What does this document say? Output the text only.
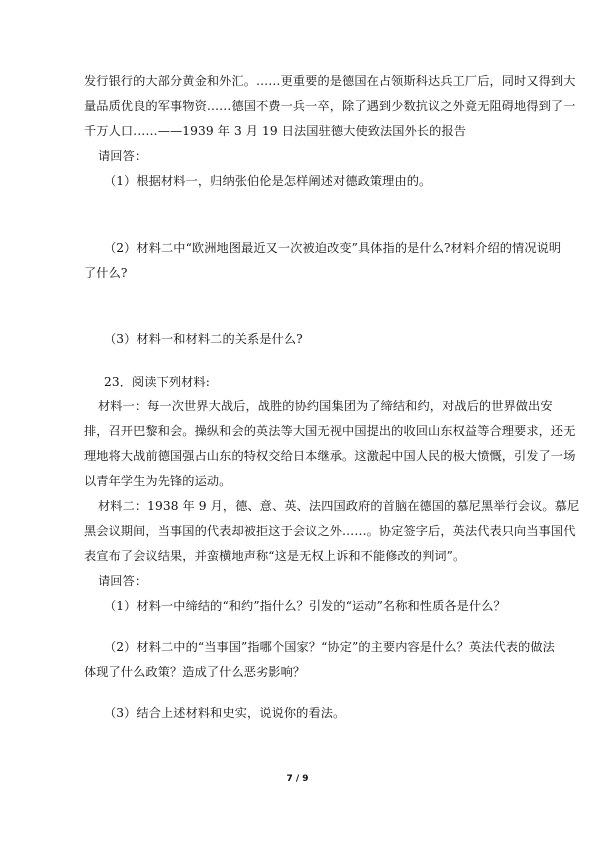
发行银行的大部分黄金和外汇。……更重要的是德国在占领斯科达兵工厂后，同时又得到大
量品质优良的军事物资……德国不费一兵一卒，除了遇到少数抗议之外竟无阻碍地得到了一
千万人口……——1939 年 3 月 19 日法国驻德大使致法国外长的报告
请回答：
（1）根据材料一，归纳张伯伦是怎样阐述对德政策理由的。
（2）材料二中“欧洲地图最近又一次被迫改变”具体指的是什么?材料介绍的情况说明
了什么?
（3）材料一和材料二的关系是什么?
23．阅读下列材料:
材料一：每一次世界大战后，战胜的协约国集团为了缔结和约，对战后的世界做出安
排，召开巴黎和会。操纵和会的英法等大国无视中国提出的收回山东权益等合理要求，还无
理地将大战前德国强占山东的特权交给日本继承。这激起中国人民的极大愤慨，引发了一场
以青年学生为先锋的运动。
材料二：1938 年 9 月，德、意、英、法四国政府的首脑在德国的慕尼黑举行会议。慕尼
黑会议期间，当事国的代表却被拒这于会议之外……。协定签字后，英法代表只向当事国代
表宣布了会议结果，并蛮横地声称“这是无权上诉和不能修改的判词”。
请回答：
（1）材料一中缔结的“和约”指什么？引发的“运动”名称和性质各是什么？
（2）材料二中的“当事国”指哪个国家？“协定”的主要内容是什么？英法代表的做法
体现了什么政策？造成了什么恶劣影响？
（3）结合上述材料和史实，说说你的看法。
7 / 9
